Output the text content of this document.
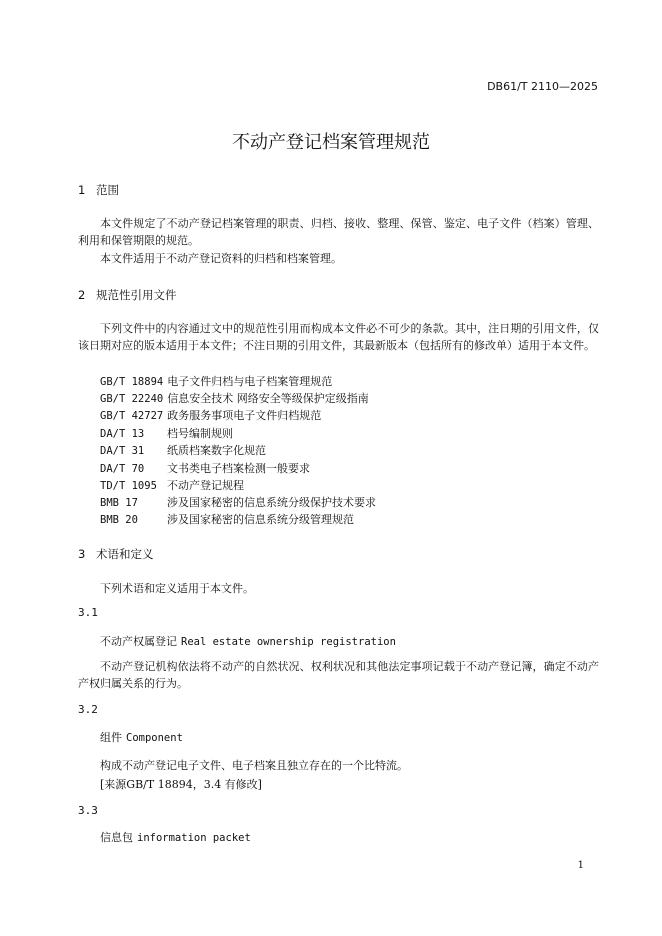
DB61/T 2110—2025
不动产登记档案管理规范
1 范围
本文件规定了不动产登记档案管理的职责、归档、接收、整理、保管、鉴定、电子文件（档案）管理、利用和保管期限的规范。
本文件适用于不动产登记资料的归档和档案管理。
2 规范性引用文件
下列文件中的内容通过文中的规范性引用而构成本文件必不可少的条款。其中，注日期的引用文件，仅该日期对应的版本适用于本文件；不注日期的引用文件，其最新版本（包括所有的修改单）适用于本文件。
GB/T 18894 电子文件归档与电子档案管理规范
GB/T 22240 信息安全技术 网络安全等级保护定级指南
GB/T 42727 政务服务事项电子文件归档规范
DA/T 13 档号编制规则
DA/T 31 纸质档案数字化规范
DA/T 70 文书类电子档案检测一般要求
TD/T 1095 不动产登记规程
BMB 17	涉及国家秘密的信息系统分级保护技术要求
BMB 20	涉及国家秘密的信息系统分级管理规范
3 术语和定义
下列术语和定义适用于本文件。
3.1
不动产权属登记 Real estate ownership registration
不动产登记机构依法将不动产的自然状况、权利状况和其他法定事项记载于不动产登记簿，确定不动产产权归属关系的行为。
3.2
组件 Component
构成不动产登记电子文件、电子档案且独立存在的一个比特流。
[来源GB/T 18894，3.4 有修改]
3.3
信息包 information packet
1
